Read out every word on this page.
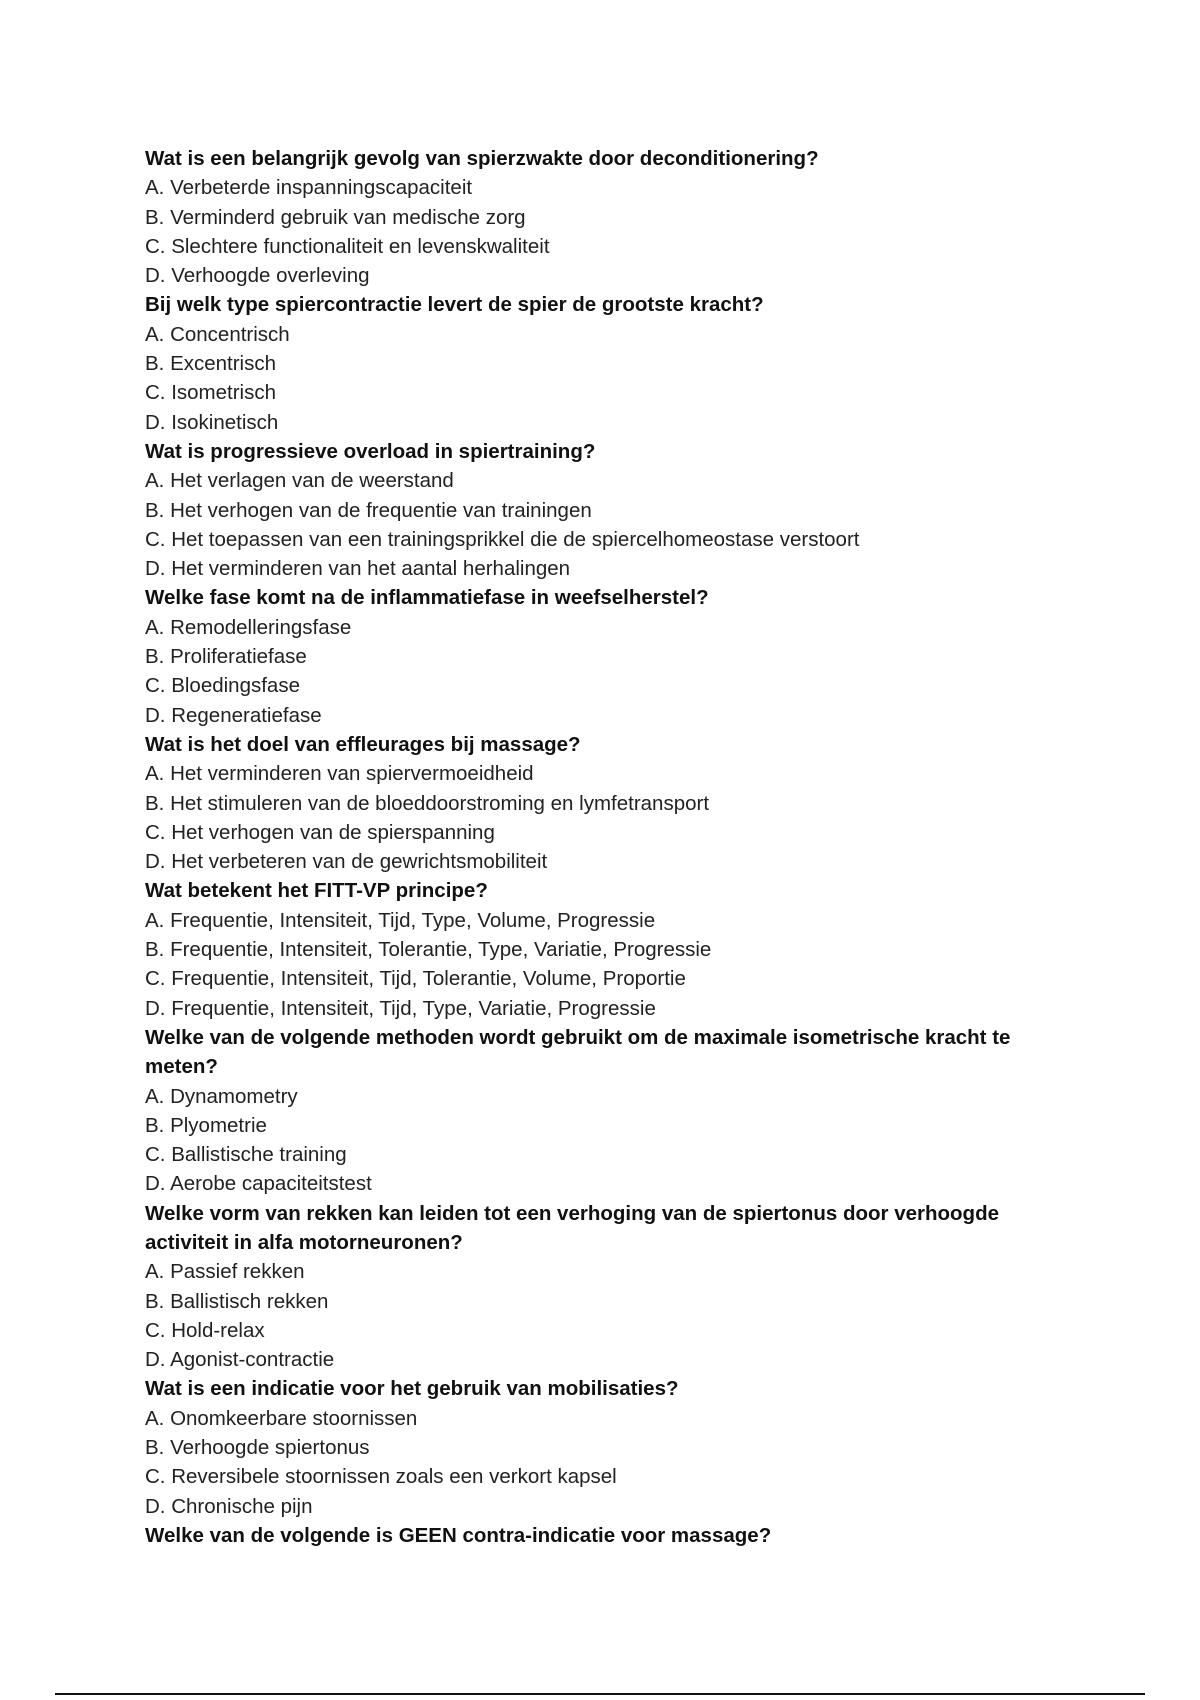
Wat is een belangrijk gevolg van spierzwakte door deconditionering?
A. Verbeterde inspanningscapaciteit
B. Verminderd gebruik van medische zorg
C. Slechtere functionaliteit en levenskwaliteit
D. Verhoogde overleving
Bij welk type spiercontractie levert de spier de grootste kracht?
A. Concentrisch
B. Excentrisch
C. Isometrisch
D. Isokinetisch
Wat is progressieve overload in spiertraining?
A. Het verlagen van de weerstand
B. Het verhogen van de frequentie van trainingen
C. Het toepassen van een trainingsprikkel die de spiercelhomeostase verstoort
D. Het verminderen van het aantal herhalingen
Welke fase komt na de inflammatiefase in weefselherstel?
A. Remodelleringsfase
B. Proliferatiefase
C. Bloedingsfase
D. Regeneratiefase
Wat is het doel van effleurages bij massage?
A. Het verminderen van spiervermoeidheid
B. Het stimuleren van de bloeddoorstroming en lymfetransport
C. Het verhogen van de spierspanning
D. Het verbeteren van de gewrichtsmobiliteit
Wat betekent het FITT-VP principe?
A. Frequentie, Intensiteit, Tijd, Type, Volume, Progressie
B. Frequentie, Intensiteit, Tolerantie, Type, Variatie, Progressie
C. Frequentie, Intensiteit, Tijd, Tolerantie, Volume, Proportie
D. Frequentie, Intensiteit, Tijd, Type, Variatie, Progressie
Welke van de volgende methoden wordt gebruikt om de maximale isometrische kracht te meten?
A. Dynamometry
B. Plyometrie
C. Ballistische training
D. Aerobe capaciteitstest
Welke vorm van rekken kan leiden tot een verhoging van de spiertonus door verhoogde activiteit in alfa motorneuronen?
A. Passief rekken
B. Ballistisch rekken
C. Hold-relax
D. Agonist-contractie
Wat is een indicatie voor het gebruik van mobilisaties?
A. Onomkeerbare stoornissen
B. Verhoogde spiertonus
C. Reversibele stoornissen zoals een verkort kapsel
D. Chronische pijn
Welke van de volgende is GEEN contra-indicatie voor massage?
